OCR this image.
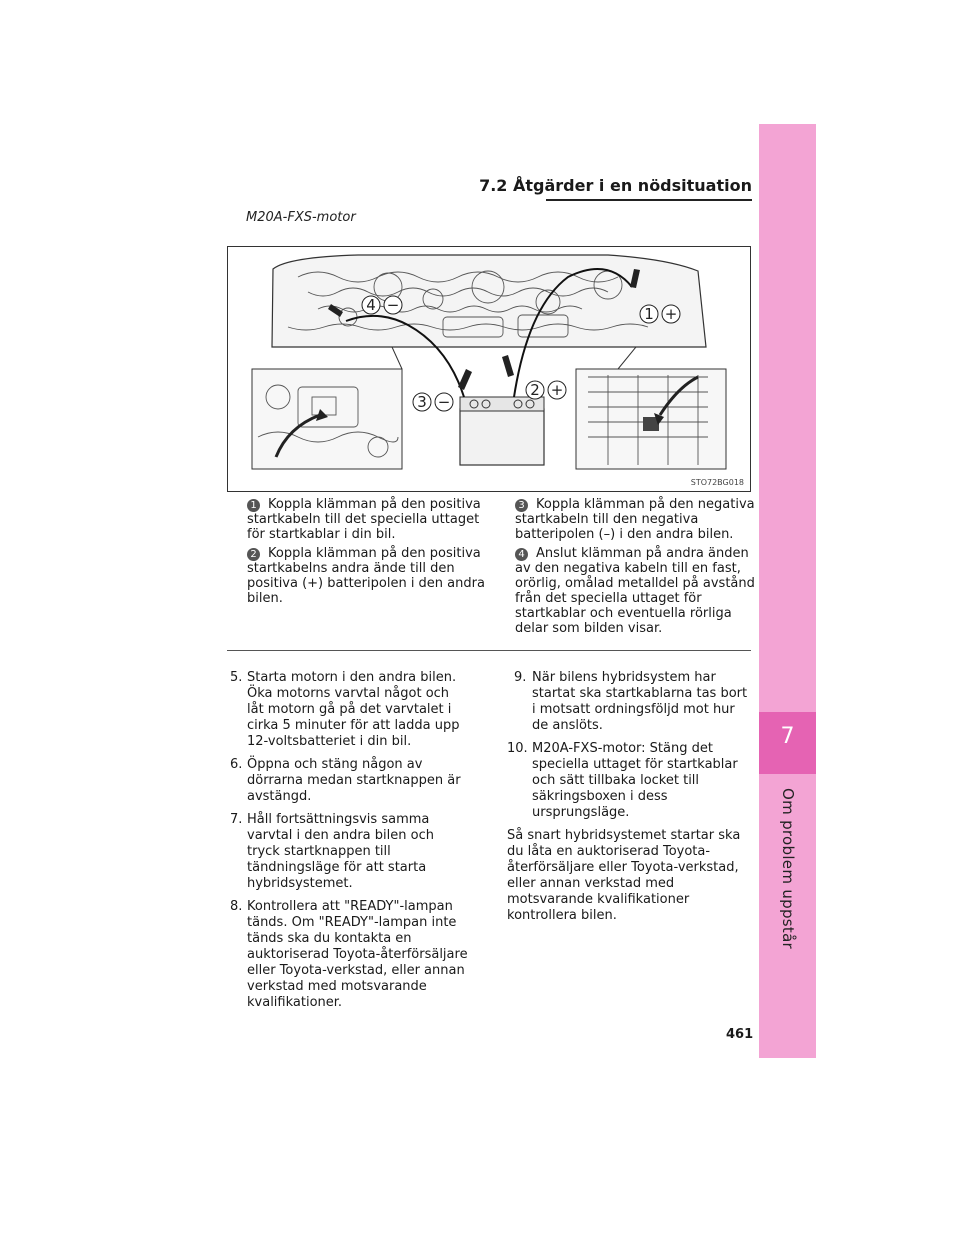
7
Om problem uppstår
7.2 Åtgärder i en nödsituation
M20A-FXS-motor
1 +
2 +
3 −
4 −
STO72BG018
1 Koppla klämman på den positiva
startkabeln till det speciella uttaget för startkablar i din bil.
2 Koppla klämman på den positiva
startkabelns andra ände till den positiva (+) batteripolen i den andra bilen.
3 Koppla klämman på den negativa
startkabeln till den negativa batteripolen (–) i den andra bilen.
4 Anslut klämman på andra änden
av den negativa kabeln till en fast, orörlig, omålad metalldel på avstånd från det speciella uttaget för startkablar och eventuella rörliga delar som bilden visar.
5. Starta motorn i den andra bilen. Öka motorns varvtal något och låt motorn gå på det varvtalet i cirka 5 minuter för att ladda upp 12-voltsbatteriet i din bil.
6. Öppna och stäng någon av dörrarna medan startknappen är avstängd.
7. Håll fortsättningsvis samma varvtal i den andra bilen och tryck startknappen till tändningsläge för att starta hybridsystemet.
8. Kontrollera att "READY"-lampan tänds. Om "READY"-lampan inte tänds ska du kontakta en auktoriserad Toyota-återförsäljare eller Toyota-verkstad, eller annan verkstad med motsvarande kvalifikationer.
9. När bilens hybridsystem har startat ska startkablarna tas bort i motsatt ordningsföljd mot hur de anslöts.
10. M20A-FXS-motor: Stäng det speciella uttaget för startkablar och sätt tillbaka locket till säkringsboxen i dess ursprungsläge.
Så snart hybridsystemet startar ska du låta en auktoriserad Toyota-återförsäljare eller Toyota-verkstad, eller annan verkstad med motsvarande kvalifikationer kontrollera bilen.
461
